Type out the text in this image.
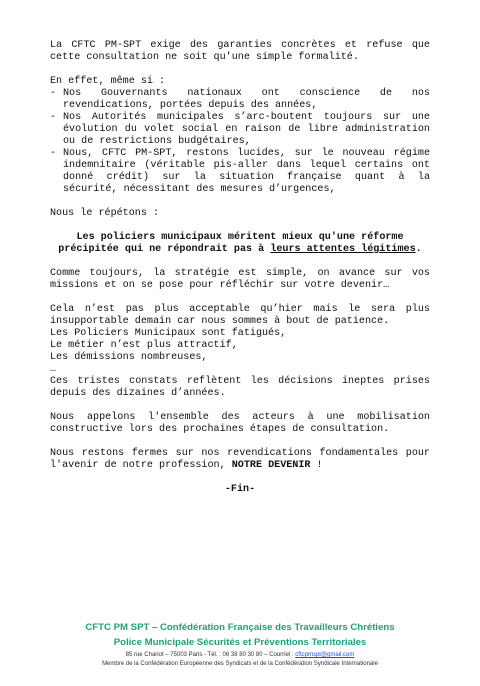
La CFTC PM-SPT exige des garanties concrètes et refuse que cette consultation ne soit qu'une simple formalité.

En effet, même si :

- Nos Gouvernants nationaux ont conscience de nos revendications, portées depuis des années,
- Nos Autorités municipales s’arc-boutent toujours sur une évolution du volet social en raison de libre administration ou de restrictions budgétaires,
- Nous, CFTC PM-SPT, restons lucides, sur le nouveau régime indemnitaire (véritable pis-aller dans lequel certains ont donné crédit) sur la situation française quant à la sécurité, nécessitant des mesures d’urgences,

Nous le répétons :

Les policiers municipaux méritent mieux qu'une réforme
précipitée qui ne répondrait pas à leurs attentes légitimes.

Comme toujours, la stratégie est simple, on avance sur vos missions et on se pose pour réfléchir sur votre devenir…

Cela n’est pas plus acceptable qu’hier mais le sera plus insupportable demain car nous sommes à bout de patience.

Les Policiers Municipaux sont fatigués,

Le métier n’est plus attractif,

Les démissions nombreuses,

…

Ces tristes constats reflètent les décisions ineptes prises depuis des dizaines d’années.

Nous appelons l'ensemble des acteurs à une mobilisation constructive lors des prochaines étapes de consultation.

Nous restons fermes sur nos revendications fondamentales pour l'avenir de notre profession, NOTRE DEVENIR !

-Fin-

CFTC PM SPT – Confédération Française des Travailleurs Chrétiens
Police Municipale Sécurités et Préventions Territoriales
85 rue Chariot – 75003 Paris - Tél. : 06 38 80 30 80 – Courriel : cftcpmspt@gmail.com
Membre de la Confédération Européenne des Syndicats et de la Confédération Syndicale Internationale
